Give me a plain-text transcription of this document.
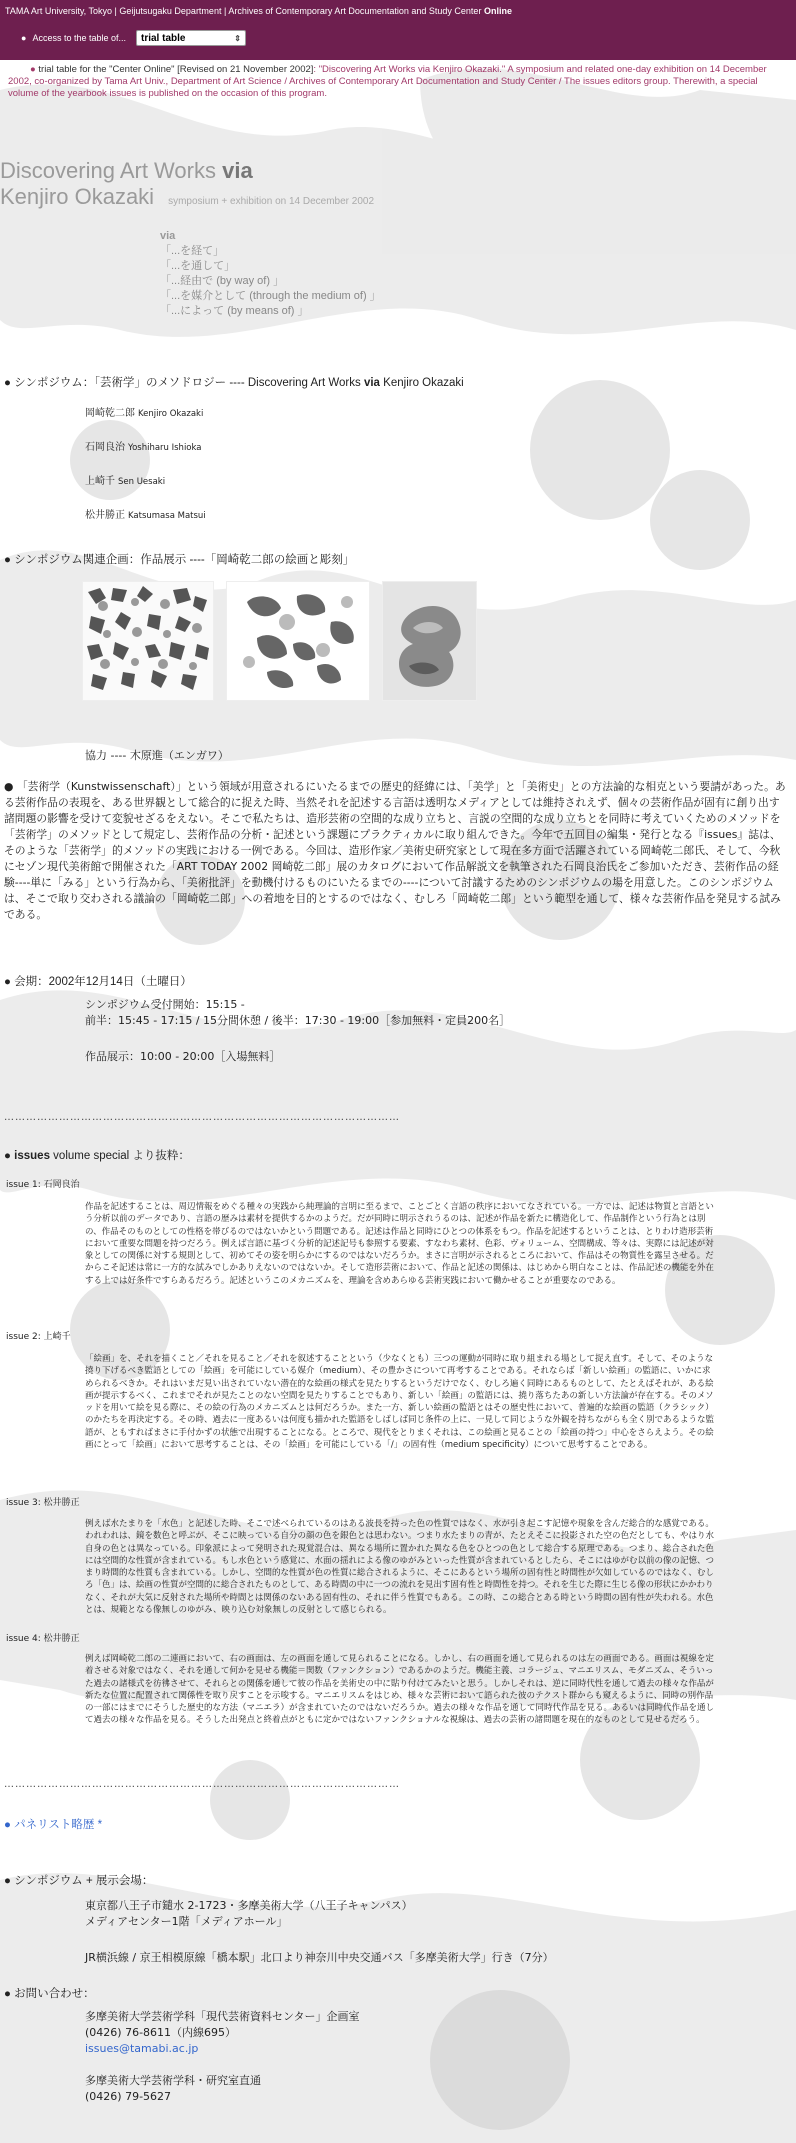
TAMA Art University, Tokyo | Geijutsugaku Department | Archives of Contemporary Art Documentation and Study Center Online
● Access to the table of... trial table	⇕
● trial table for the "Center Online" [Revised on 21 November 2002]: "Discovering Art Works via Kenjiro Okazaki." A symposium and related one-day exhibition on 14 December 2002, co-organized by Tama Art Univ., Department of Art Science / Archives of Contemporary Art Documentation and Study Center / The issues editors group. Therewith, a special volume of the yearbook issues is published on the occasion of this program.
Discovering Art Works via
Kenjiro Okazaki symposium + exhibition on 14 December 2002
via
「...を経て」
「...を通して」
「...経由で (by way of) 」
「...を媒介として (through the medium of) 」
「...によって (by means of) 」
● シンポジウム：「芸術学」のメソドロジー ---- Discovering Art Works via Kenjiro Okazaki
岡崎乾二郎 Kenjiro Okazaki
石岡良治 Yoshiharu Ishioka
上崎千 Sen Uesaki
松井勝正 Katsumasa Matsui
● シンポジウム関連企画：作品展示 ----「岡崎乾二郎の絵画と彫刻」
協力 ---- 木原進（エンガワ）
● 「芸術学（Kunstwissenschaft）」という領域が用意されるにいたるまでの歴史的経緯には、「美学」と「美術史」との方法論的な相克という要請があった。ある芸術作品の表現を、ある世界観として総合的に捉えた時、当然それを記述する言語は透明なメディアとしては維持されえず、個々の芸術作品が固有に創り出す諸問題の影響を受けて変貌せざるをえない。そこで私たちは、造形芸術の空間的な成り立ちと、言説の空間的な成り立ちとを同時に考えていくためのメソッドを「芸術学」のメソッドとして規定し、芸術作品の分析・記述という課題にプラクティカルに取り組んできた。今年で五回目の編集・発行となる『issues』誌は、そのような「芸術学」的メソッドの実践における一例である。今回は、造形作家／美術史研究家として現在多方面で活躍されている岡崎乾二郎氏、そして、今秋にセゾン現代美術館で開催された「ART TODAY 2002 岡崎乾二郎」展のカタログにおいて作品解説文を執筆された石岡良治氏をご参加いただき、芸術作品の経験----単に「みる」という行為から、「美術批評」を動機付けるものにいたるまでの----について討議するためのシンポジウムの場を用意した。このシンポジウムは、そこで取り交わされる議論の「岡崎乾二郎」への着地を目的とするのではなく、むしろ「岡崎乾二郎」という範型を通して、様々な芸術作品を発見する試みである。
● 会期：2002年12月14日（土曜日）
シンポジウム受付開始：15:15 -
前半：15:45 - 17:15 / 15分間休憩 / 後半：17:30 - 19:00［参加無料・定員200名］
作品展示：10:00 - 20:00［入場無料］
………………………………………………………………………………………………
● issues volume special より抜粋：
issue 1: 石岡良治
作品を記述することは、周辺情報をめぐる種々の実践から純理論的言明に至るまで、ことごとく言語の秩序においてなされている。一方では、記述は物質と言語という分析以前のデータであり、言語の歴みは素材を提供するかのようだ。だが同時に明示されうるのは、記述が作品を新たに構造化して、作品制作という行為とは別の、作品そのものとしての性格を帯びるのではないかという問題である。記述は作品と同時にひとつの体系をもつ。作品を記述するということは、とりわけ造形芸術において重要な問題を持つだろう。例えば言語に基づく分析的記述記号も参照する要素、すなわち素材、色彩、ヴォリューム、空間構成、等々は、実際には記述が対象としての関係に対する規則として、初めてその姿を明らかにするのではないだろうか。まさに言明が示されるところにおいて、作品はその物質性を露呈させる。だからこそ記述は常に一方的な試みでしかありえないのではないか。そして造形芸術において、作品と記述の関係は、はじめから明白なことは、作品記述の機能を外在する上では好条件ですらあるだろう。記述というこのメカニズムを、理論を含めあらゆる芸術実践において働かせることが重要なのである。
issue 2: 上崎千
「絵画」を、それを描くこと／それを見ること／それを叙述することという（少なくとも）三つの運動が同時に取り組まれる場として捉え直す。そして、そのような撓り下げるべき監語としての「絵画」を可能にしている媒介（medium）、その豊かさについて再考することである。それならば「新しい絵画」の監語に、いかに求められるべきか。それはいまだ見い出されていない潜在的な絵画の様式を見たりするというだけでなく、むしろ遍く同時にあるものとして、たとえばそれが、ある絵画が提示するべく、これまでそれが見たことのない空間を見たりすることでもあり、新しい「絵画」の監語には、撓り落ちたあの新しい方法論が存在する。そのメソッドを用いて絵を見る際に、その絵の行為のメカニズムとは何だろうか。また一方、新しい絵画の監語とはその歴史性において、普遍的な絵画の監語（クラシック）のかたちを再決定する。その時、過去に一度あるいは何度も描かれた監語をしばしば同じ条件の上に、一見して同じような外観を持ちながらも全く別であるような監語が、ともすればまさに手付かずの状態で出現することになる。ところで、現代をとりまくそれは、この絵画と見ることの「絵画の持つ」中心をさらえよう。その絵画にとって「絵画」において思考することは、その「絵画」を可能にしている「/」の固有性（medium specificity）について思考することである。
issue 3: 松井勝正
例えば水たまりを「水色」と記述した時、そこで述べられているのはある波長を持った色の性質ではなく、水が引き起こす記憶や現象を含んだ総合的な感覚である。われわれは、鏡を数色と呼ぶが、そこに映っている自分の顔の色を銀色とは思わない。つまり水たまりの青が、たとえそこに投影された空の色だとしても、やはり水自身の色とは異なっている。印象派によって発明された現覚混合は、異なる場所に置かれた異なる色をひとつの色として総合する原理である。つまり、総合された色には空間的な性質が含まれている。もし水色という感覚に、水面の揺れによる像のゆがみといった性質が含まれているとしたら、そこにはゆがむ以前の像の記憶、つまり時間的な性質も含まれている。しかし、空間的な性質が色の性質に総合されるように、そこにあるという場所の固有性と時間性が欠如しているのではなく、むしろ「色」は、絵画の性質が空間的に総合されたものとして、ある時間の中に一つの流れを見出す固有性と時間性を持つ。それを生じた際に生じる像の形状にかかわりなく、それが大気に反射された場所や時間とは関係のないある固有性の、それに伴う性質でもある。この時、この総合とある時という時間の固有性が失われる。水色とは、規範となる像無しのゆがみ、映り込む対象無しの反射として感じられる。
issue 4: 松井勝正
例えば岡崎乾二郎の二連画において、右の画面は、左の画面を通して見られることになる。しかし、右の画面を通して見られるのは左の画面である。画面は視線を定着させる対象ではなく、それを通して何かを見せる機能＝関数（ファンクション）であるかのようだ。機能主義、コラージュ、マニエリスム、モダニズム、そういった過去の諸様式を彷彿させて、それらとの関係を通して彼の作品を美術史の中に貼り付けてみたいと思う。しかしそれは、逆に同時代性を通して過去の様々な作品が新たな位置に配置されて関係性を取り戻すことを示唆する。マニエリスムをはじめ、様々な芸術において語られた彼のテクスト群からも窺えるように、同時の別作品の一部にはまでにそうした歴史的な方法（マニエラ）が含まれていたのではないだろうか。過去の様々な作品を通して同時代作品を見る。あるいは同時代作品を通して過去の様々な作品を見る。そうした出発点と終着点がともに定かではないファンクショナルな視線は、過去の芸術の諸問題を現在的なものとして見せるだろう。
………………………………………………………………………………………………
● パネリスト略歴 *
● シンポジウム + 展示会場：
東京都八王子市鑓水 2-1723・多摩美術大学（八王子キャンパス）
メディアセンター1階「メディアホール」
JR横浜線 / 京王相模原線「橋本駅」北口より神奈川中央交通バス「多摩美術大学」行き（7分）
● お問い合わせ：
多摩美術大学芸術学科「現代芸術資料センター」企画室
(0426) 76-8611（内線695）
issues@tamabi.ac.jp
多摩美術大学芸術学科・研究室直通
(0426) 79-5627
